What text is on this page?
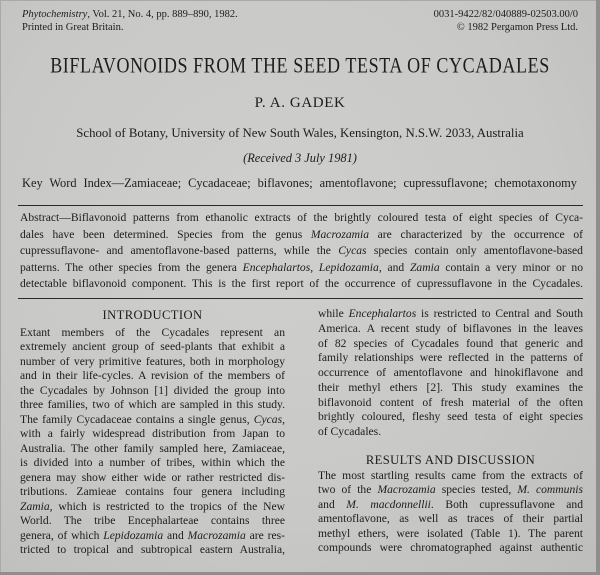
Phytochemistry, Vol. 21, No. 4, pp. 889–890, 1982.
Printed in Great Britain.
0031-9422/82/040889-02503.00/0
© 1982 Pergamon Press Ltd.
BIFLAVONOIDS FROM THE SEED TESTA OF CYCADALES
P. A. GADEK
School of Botany, University of New South Wales, Kensington, N.S.W. 2033, Australia
(Received 3 July 1981)
Key Word Index—Zamiaceae; Cycadaceae; biflavones; amentoflavone; cupressuflavone; chemotaxonomy
Abstract—Biflavonoid patterns from ethanolic extracts of the brightly coloured testa of eight species of Cyca-
dales have been determined. Species from the genus Macrozamia are characterized by the occurrence of
cupressuflavone- and amentoflavone-based patterns, while the Cycas species contain only amentoflavone-based
patterns. The other species from the genera Encephalartos, Lepidozamia, and Zamia contain a very minor or no
detectable biflavonoid component. This is the first report of the occurrence of cupressuflavone in the Cycadales.
INTRODUCTION
Extant members of the Cycadales represent an
extremely ancient group of seed-plants that exhibit a
number of very primitive features, both in morphology
and in their life-cycles. A revision of the members of
the Cycadales by Johnson [1] divided the group into
three families, two of which are sampled in this study.
The family Cycadaceae contains a single genus, Cycas,
with a fairly widespread distribution from Japan to
Australia. The other family sampled here, Zamiaceae,
is divided into a number of tribes, within which the
genera may show either wide or rather restricted dis-
tributions. Zamieae contains four genera including
Zamia, which is restricted to the tropics of the New
World. The tribe Encephalarteae contains three
genera, of which Lepidozamia and Macrozamia are res-
tricted to tropical and subtropical eastern Australia,
while Encephalartos is restricted to Central and South
America. A recent study of biflavones in the leaves
of 82 species of Cycadales found that generic and
family relationships were reflected in the patterns of
occurrence of amentoflavone and hinokiflavone and
their methyl ethers [2]. This study examines the
biflavonoid content of fresh material of the often
brightly coloured, fleshy seed testa of eight species
of Cycadales.
RESULTS AND DISCUSSION
The most startling results came from the extracts of
two of the Macrozamia species tested, M. communis
and M. macdonnellii. Both cupressuflavone and
amentoflavone, as well as traces of their partial
methyl ethers, were isolated (Table 1). The parent
compounds were chromatographed against authentic
